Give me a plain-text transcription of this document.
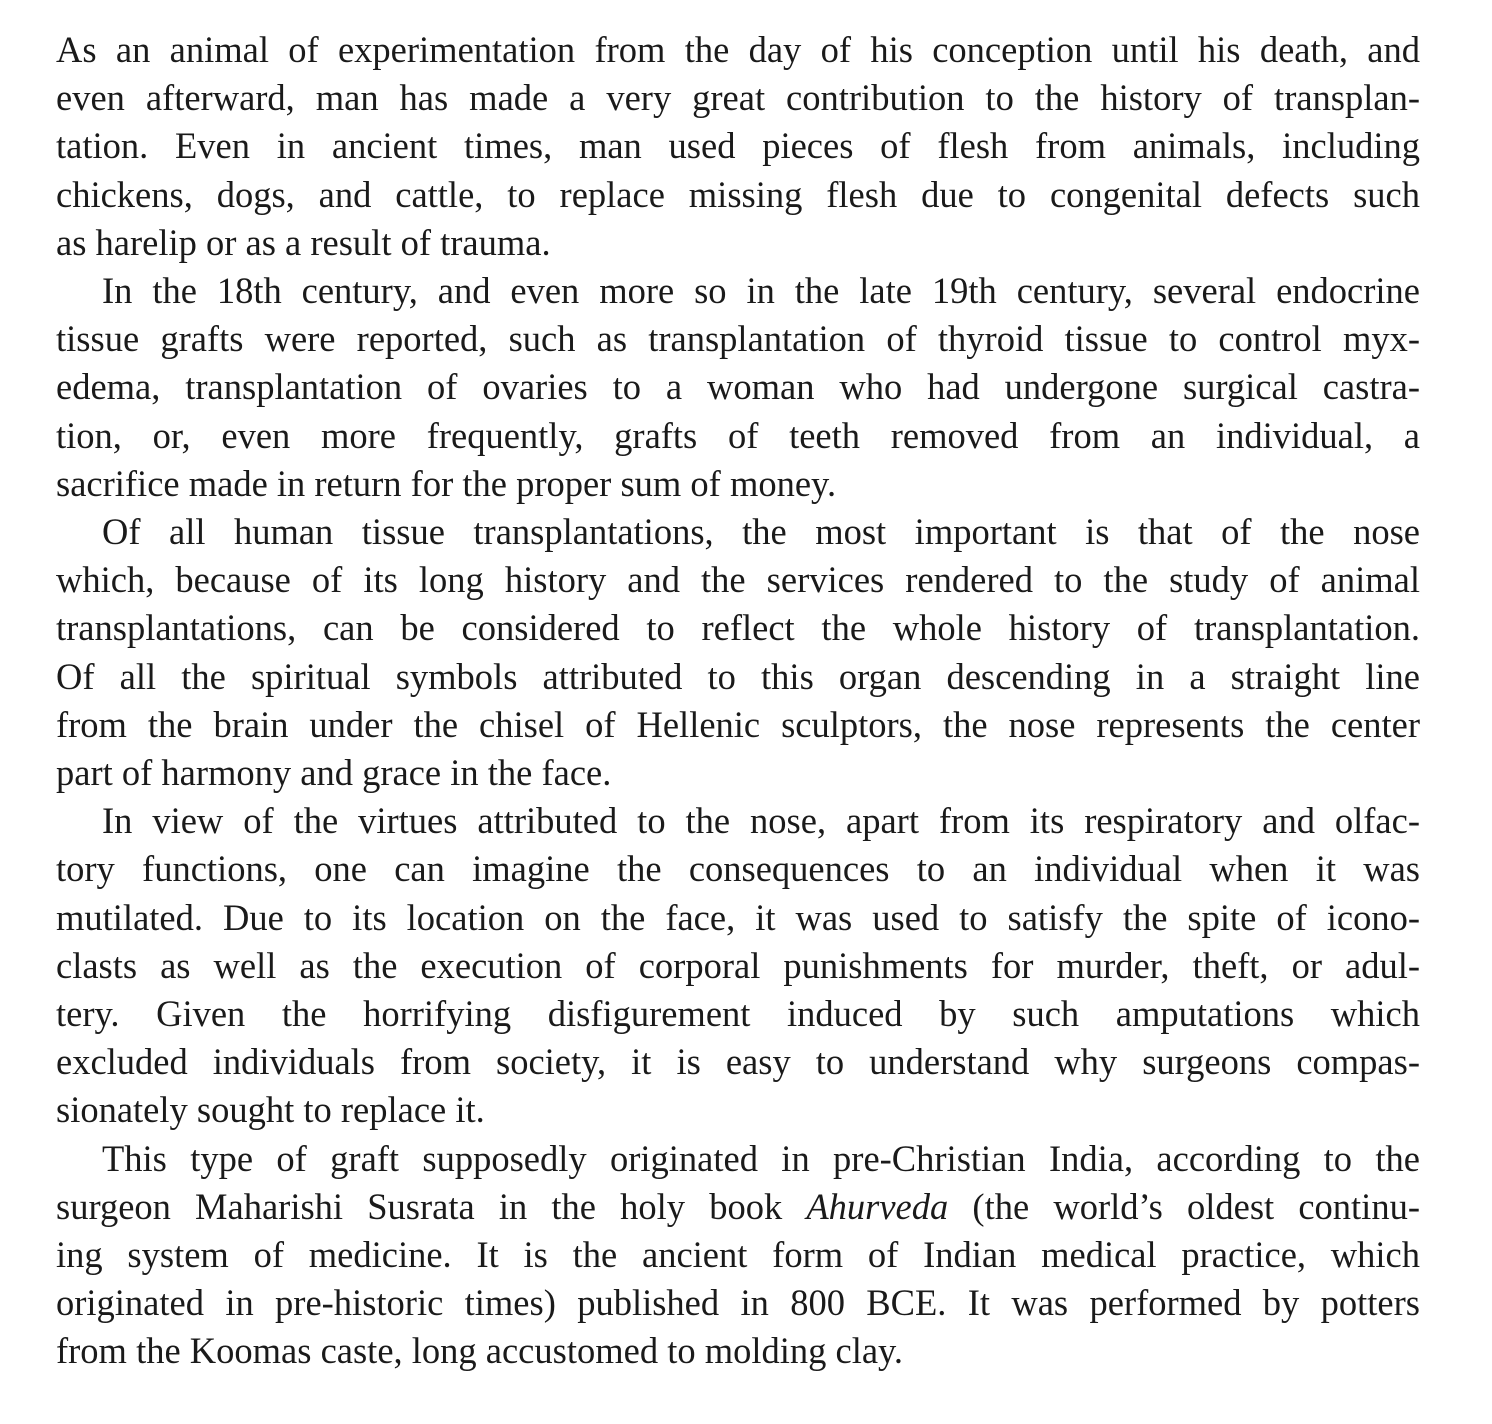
As an animal of experimentation from the day of his conception until his death, and
even afterward, man has made a very great contribution to the history of transplan-
tation. Even in ancient times, man used pieces of flesh from animals, including
chickens, dogs, and cattle, to replace missing flesh due to congenital defects such
as harelip or as a result of trauma.
In the 18th century, and even more so in the late 19th century, several endocrine
tissue grafts were reported, such as transplantation of thyroid tissue to control myx-
edema, transplantation of ovaries to a woman who had undergone surgical castra-
tion, or, even more frequently, grafts of teeth removed from an individual, a
sacrifice made in return for the proper sum of money.
Of all human tissue transplantations, the most important is that of the nose
which, because of its long history and the services rendered to the study of animal
transplantations, can be considered to reflect the whole history of transplantation.
Of all the spiritual symbols attributed to this organ descending in a straight line
from the brain under the chisel of Hellenic sculptors, the nose represents the center
part of harmony and grace in the face.
In view of the virtues attributed to the nose, apart from its respiratory and olfac-
tory functions, one can imagine the consequences to an individual when it was
mutilated. Due to its location on the face, it was used to satisfy the spite of icono-
clasts as well as the execution of corporal punishments for murder, theft, or adul-
tery. Given the horrifying disfigurement induced by such amputations which
excluded individuals from society, it is easy to understand why surgeons compas-
sionately sought to replace it.
This type of graft supposedly originated in pre-Christian India, according to the
surgeon Maharishi Susrata in the holy book Ahurveda (the world’s oldest continu-
ing system of medicine. It is the ancient form of Indian medical practice, which
originated in pre-historic times) published in 800 BCE. It was performed by potters
from the Koomas caste, long accustomed to molding clay.
